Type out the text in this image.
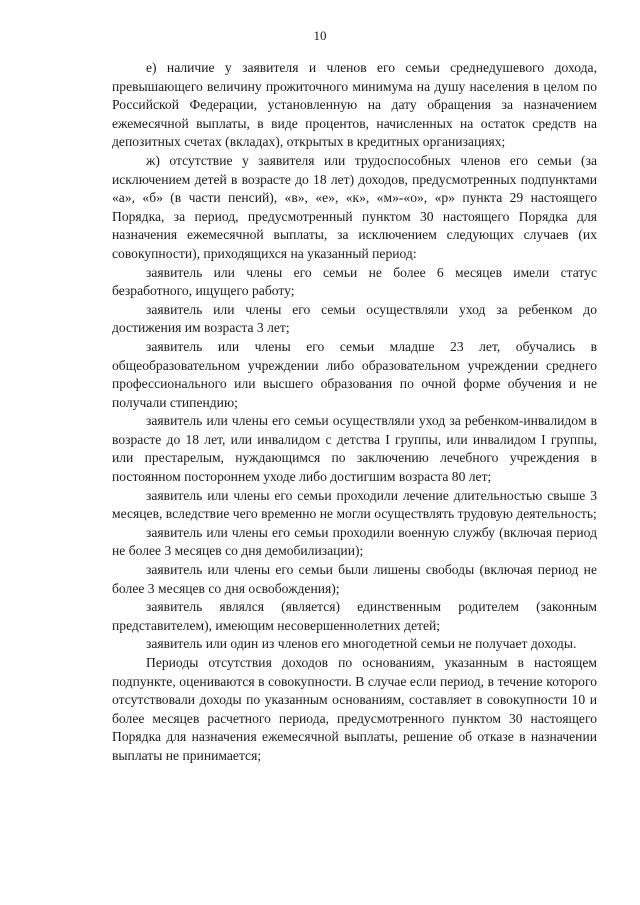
10

е) наличие у заявителя и членов его семьи среднедушевого дохода, превышающего величину прожиточного минимума на душу населения в целом по Российской Федерации, установленную на дату обращения за назначением ежемесячной выплаты, в виде процентов, начисленных на остаток средств на депозитных счетах (вкладах), открытых в кредитных организациях;

ж) отсутствие у заявителя или трудоспособных членов его семьи (за исключением детей в возрасте до 18 лет) доходов, предусмотренных подпунктами «а», «б» (в части пенсий), «в», «е», «к», «м»-«о», «р» пункта 29 настоящего Порядка, за период, предусмотренный пунктом 30 настоящего Порядка для назначения ежемесячной выплаты, за исключением следующих случаев (их совокупности), приходящихся на указанный период:

заявитель или члены его семьи не более 6 месяцев имели статус безработного, ищущего работу;

заявитель или члены его семьи осуществляли уход за ребенком до достижения им возраста 3 лет;

заявитель или члены его семьи младше 23 лет, обучались в общеобразовательном учреждении либо образовательном учреждении среднего профессионального или высшего образования по очной форме обучения и не получали стипендию;

заявитель или члены его семьи осуществляли уход за ребенком-инвалидом в возрасте до 18 лет, или инвалидом с детства I группы, или инвалидом I группы, или престарелым, нуждающимся по заключению лечебного учреждения в постоянном постороннем уходе либо достигшим возраста 80 лет;

заявитель или члены его семьи проходили лечение длительностью свыше 3 месяцев, вследствие чего временно не могли осуществлять трудовую деятельность;

заявитель или члены его семьи проходили военную службу (включая период не более 3 месяцев со дня демобилизации);

заявитель или члены его семьи были лишены свободы (включая период не более 3 месяцев со дня освобождения);

заявитель являлся (является) единственным родителем (законным представителем), имеющим несовершеннолетних детей;

заявитель или один из членов его многодетной семьи не получает доходы.

Периоды отсутствия доходов по основаниям, указанным в настоящем подпункте, оцениваются в совокупности. В случае если период, в течение которого отсутствовали доходы по указанным основаниям, составляет в совокупности 10 и более месяцев расчетного периода, предусмотренного пунктом 30 настоящего Порядка для назначения ежемесячной выплаты, решение об отказе в назначении выплаты не принимается;
